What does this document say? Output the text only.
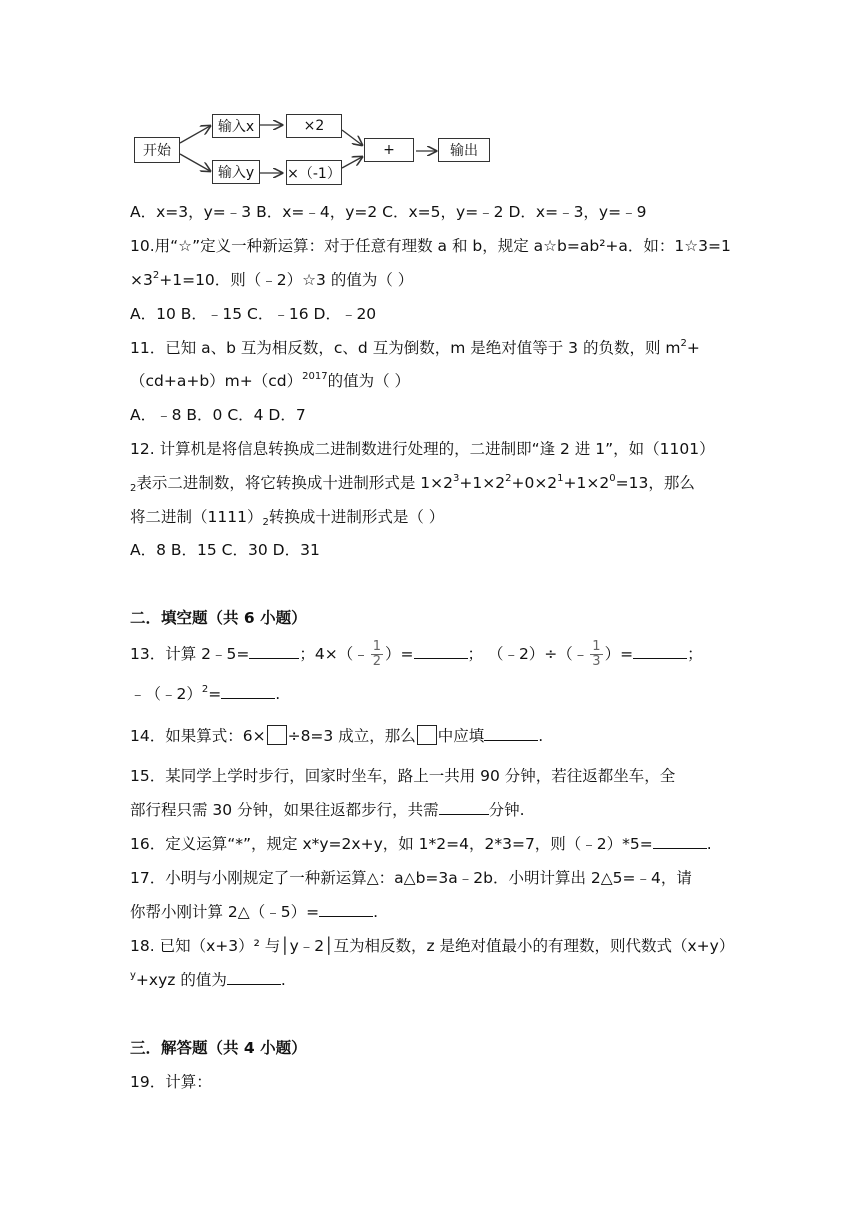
开始
输入x
输入y
×2
×（-1）
+	输出
A．x=3，y=﹣3 B．x=﹣4，y=2 C．x=5，y=﹣2 D．x=﹣3，y=﹣9
10.用“☆”定义一种新运算：对于任意有理数 a 和 b，规定 a☆b=ab²+a．如：1☆3=1
$\times 3^2+1=10$．则（﹣2）☆3 的值为（ ）
A．10 B．﹣15 C．﹣16 D．﹣20
11．已知 a、b 互为相反数，c、d 互为倒数，m 是绝对值等于 3 的负数，则 $m^2+$
（cd+a+b）m+（cd）$^{2017}$的值为（ ）
A．﹣8 B．0 C．4 D．7
12. 计算机是将信息转换成二进制数进行处理的，二进制即“逢 2 进 1”，如（1101）
$_2$表示二进制数，将它转换成十进制形式是 $1\times 2^3+1\times 2^2+0\times 2^1+1\times 2^0=13$，那么
将二进制$(1111)_2$转换成十进制形式是（ ）
A．8 B．15 C．30 D．31
二．填空题（共 6 小题）
13．计算 2﹣5=	；4×（﹣ $\frac{1}{2}$ ）=	； （﹣2）÷（﹣ $\frac{1}{3}$ ）=	；
﹣（﹣2）$^2$=	.
14．如果算式：6× ÷8=3 成立，那么 中应填	.
15．某同学上学时步行，回家时坐车，路上一共用 90 分钟，若往返都坐车，全
部行程只需 30 分钟，如果往返都步行，共需	分钟.
16．定义运算“*”，规定 x*y=2x+y，如 1*2=4，2*3=7，则（﹣2）*5=	.
17．小明与小刚规定了一种新运算△：a△b=3a﹣2b．小明计算出 2△5=﹣4，请
你帮小刚计算 2△（﹣5）=	.
18. 已知（x+3）² 与│y﹣2│互为相反数，z 是绝对值最小的有理数，则代数式（x+y）
$^y$+xyz 的值为	.
三．解答题（共 4 小题）
19．计算：
